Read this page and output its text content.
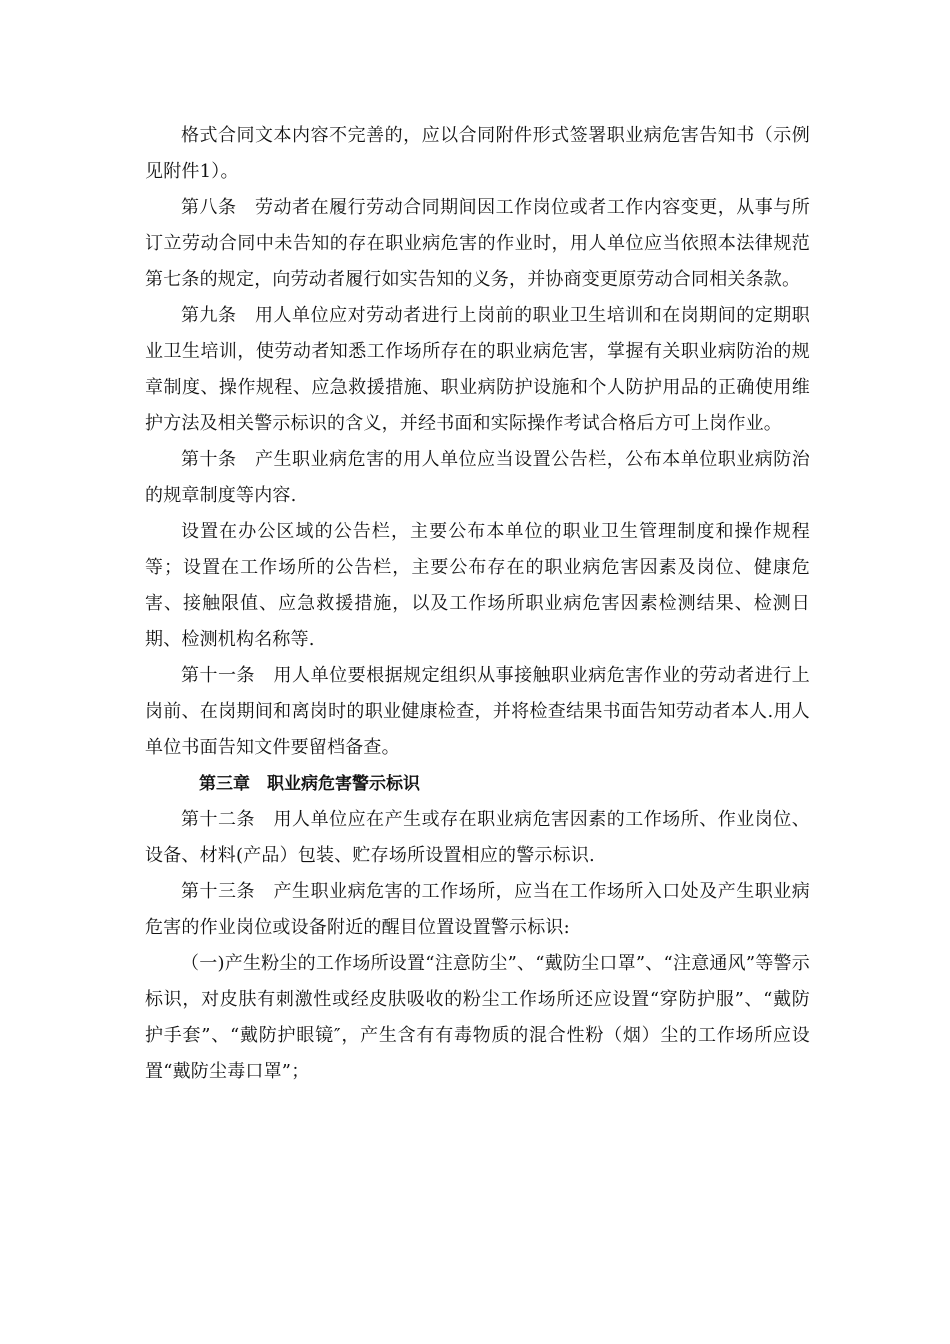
格式合同文本内容不完善的，应以合同附件形式签署职业病危害告知书（示例见附件1）。

第八条　劳动者在履行劳动合同期间因工作岗位或者工作内容变更，从事与所订立劳动合同中未告知的存在职业病危害的作业时，用人单位应当依照本法律规范第七条的规定，向劳动者履行如实告知的义务，并协商变更原劳动合同相关条款。

第九条　用人单位应对劳动者进行上岗前的职业卫生培训和在岗期间的定期职业卫生培训，使劳动者知悉工作场所存在的职业病危害，掌握有关职业病防治的规章制度、操作规程、应急救援措施、职业病防护设施和个人防护用品的正确使用维护方法及相关警示标识的含义，并经书面和实际操作考试合格后方可上岗作业。

第十条　产生职业病危害的用人单位应当设置公告栏，公布本单位职业病防治的规章制度等内容.

设置在办公区域的公告栏，主要公布本单位的职业卫生管理制度和操作规程等；设置在工作场所的公告栏，主要公布存在的职业病危害因素及岗位、健康危害、接触限值、应急救援措施，以及工作场所职业病危害因素检测结果、检测日期、检测机构名称等.

第十一条　用人单位要根据规定组织从事接触职业病危害作业的劳动者进行上岗前、在岗期间和离岗时的职业健康检查，并将检查结果书面告知劳动者本人.用人单位书面告知文件要留档备查。

第三章　职业病危害警示标识

第十二条　用人单位应在产生或存在职业病危害因素的工作场所、作业岗位、设备、材料(产品）包装、贮存场所设置相应的警示标识.

第十三条　产生职业病危害的工作场所，应当在工作场所入口处及产生职业病危害的作业岗位或设备附近的醒目位置设置警示标识:

（一)产生粉尘的工作场所设置“注意防尘”、“戴防尘口罩”、“注意通风”等警示标识，对皮肤有刺激性或经皮肤吸收的粉尘工作场所还应设置“穿防护服”、“戴防护手套”、“戴防护眼镜″，产生含有有毒物质的混合性粉（烟）尘的工作场所应设置“戴防尘毒口罩”；
